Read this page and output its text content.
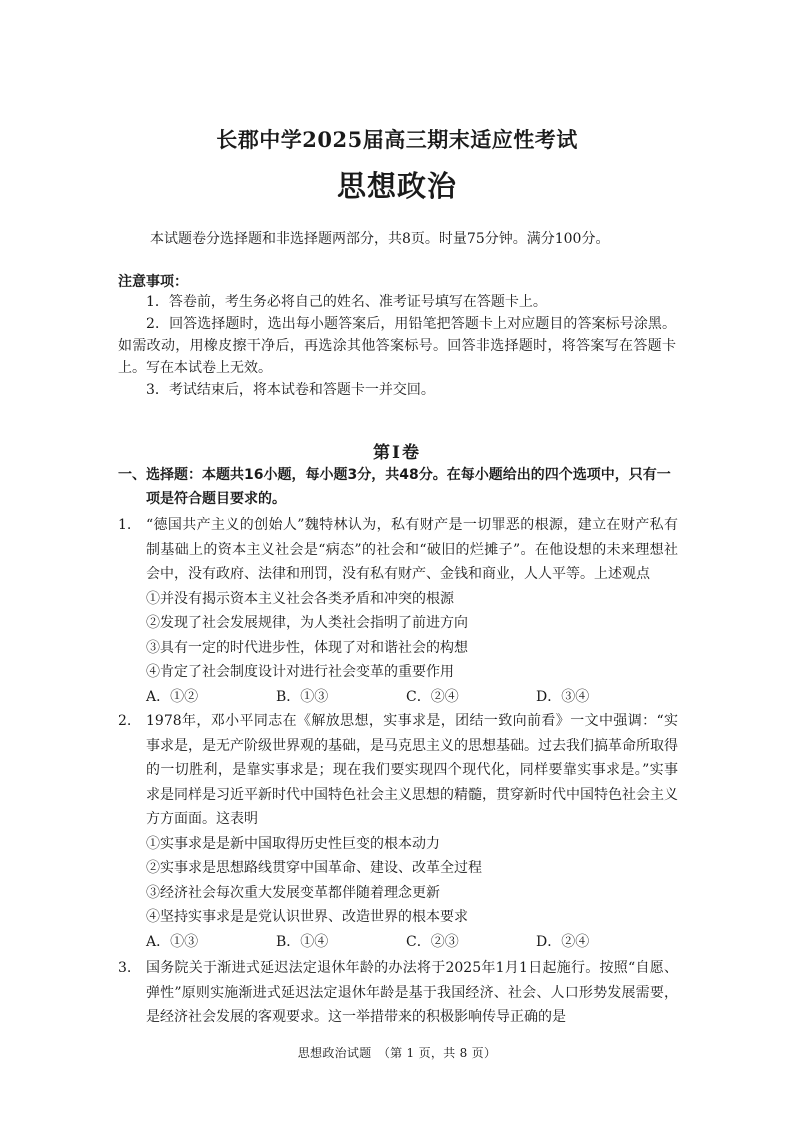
长郡中学2025届高三期末适应性考试
思想政治
本试题卷分选择题和非选择题两部分，共8页。时量75分钟。满分100分。
注意事项：

1．答卷前，考生务必将自己的姓名、准考证号填写在答题卡上。

2．回答选择题时，选出每小题答案后，用铅笔把答题卡上对应题目的答案标号涂黑。如需改动，用橡皮擦干净后，再选涂其他答案标号。回答非选择题时，将答案写在答题卡上。写在本试卷上无效。

3．考试结束后，将本试卷和答题卡一并交回。

第Ⅰ卷
一、选择题：本题共16小题，每小题3分，共48分。在每小题给出的四个选项中，只有一
项是符合题目要求的。
1. “德国共产主义的创始人”魏特林认为，私有财产是一切罪恶的根源，建立在财产私有制基础上的资本主义社会是“病态”的社会和“破旧的烂摊子”。在他设想的未来理想社会中，没有政府、法律和刑罚，没有私有财产、金钱和商业，人人平等。上述观点

①并没有揭示资本主义社会各类矛盾和冲突的根源
②发现了社会发展规律，为人类社会指明了前进方向
③具有一定的时代进步性，体现了对和谐社会的构想
④肯定了社会制度设计对进行社会变革的重要作用
A．①②	B．①③	C．②④	D．③④
2. 1978年，邓小平同志在《解放思想，实事求是，团结一致向前看》一文中强调：“实事求是，是无产阶级世界观的基础，是马克思主义的思想基础。过去我们搞革命所取得的一切胜利，是靠实事求是；现在我们要实现四个现代化，同样要靠实事求是。”实事求是同样是习近平新时代中国特色社会主义思想的精髓，贯穿新时代中国特色社会主义方方面面。这表明

①实事求是是新中国取得历史性巨变的根本动力
②实事求是思想路线贯穿中国革命、建设、改革全过程
③经济社会每次重大发展变革都伴随着理念更新
④坚持实事求是是党认识世界、改造世界的根本要求
A．①③	B．①④	C．②③	D．②④
3. 国务院关于渐进式延迟法定退休年龄的办法将于2025年1月1日起施行。按照“自愿、弹性”原则实施渐进式延迟法定退休年龄是基于我国经济、社会、人口形势发展需要，是经济社会发展的客观要求。这一举措带来的积极影响传导正确的是

思想政治试题　（第 1 页，共 8 页）
